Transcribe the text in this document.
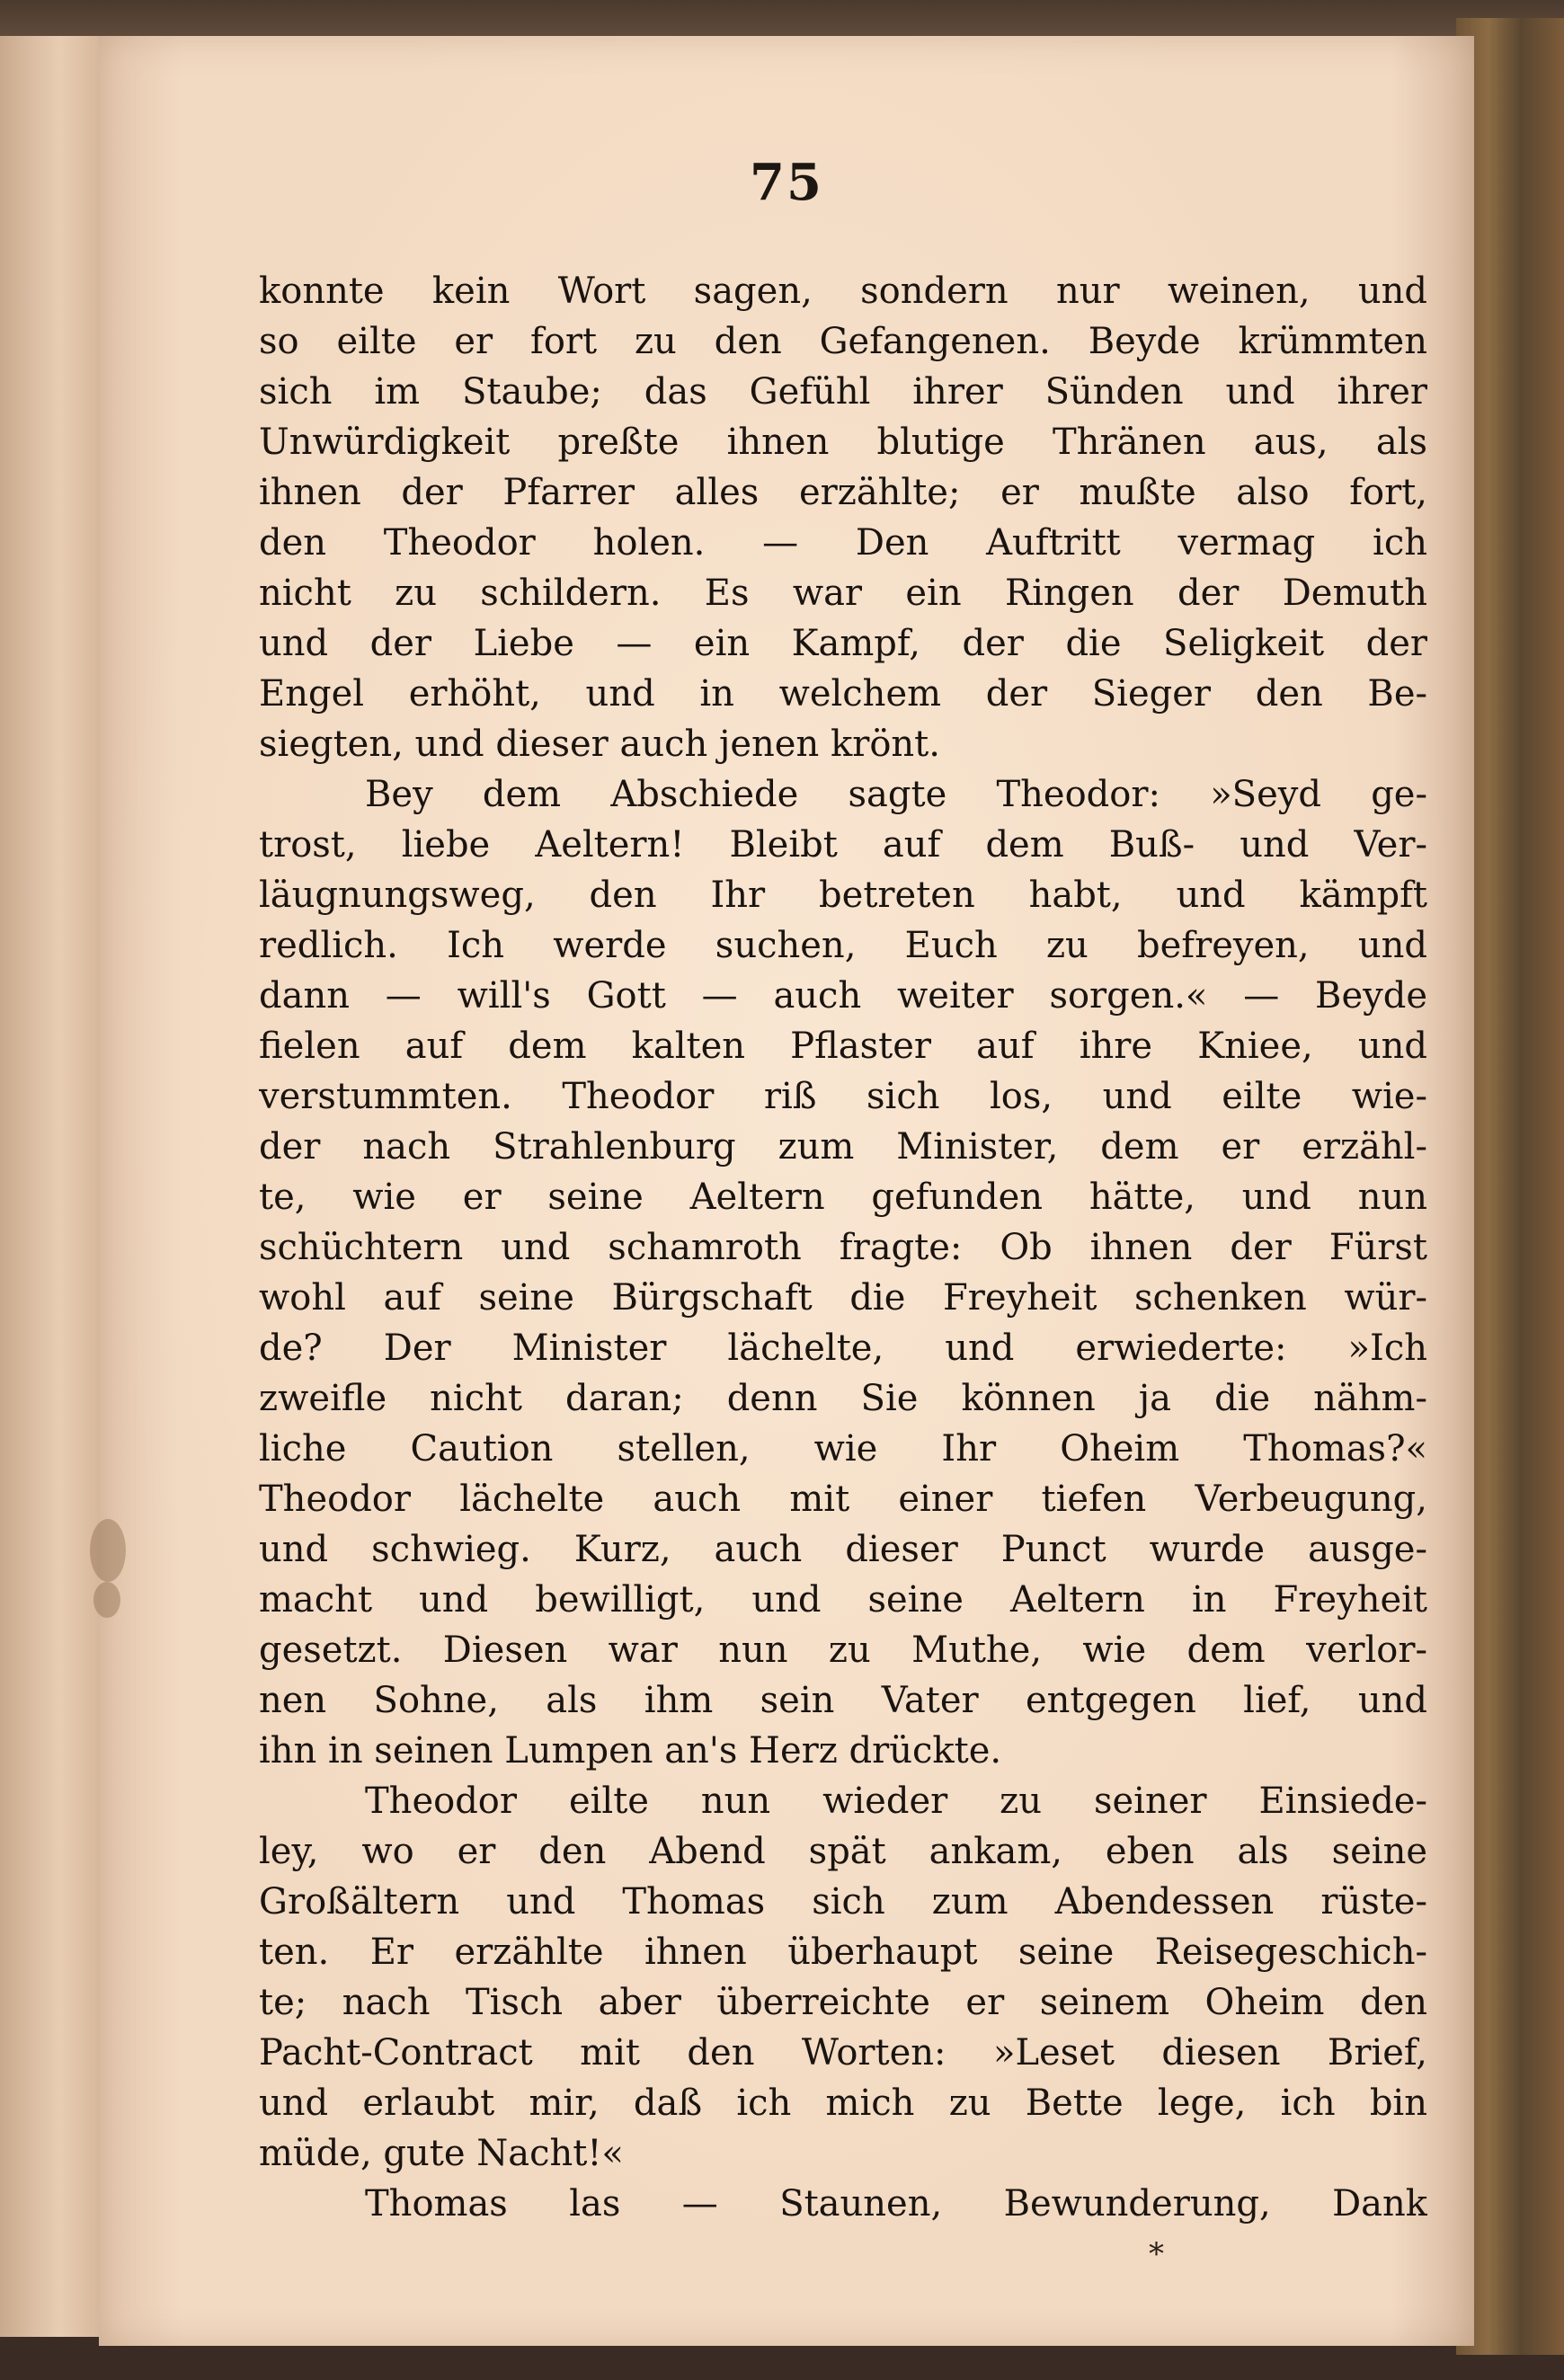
75
konnte kein Wort sagen, sondern nur weinen, und
so eilte er fort zu den Gefangenen. Beyde krümmten
sich im Staube; das Gefühl ihrer Sünden und ihrer
Unwürdigkeit preßte ihnen blutige Thränen aus, als
ihnen der Pfarrer alles erzählte; er mußte also fort,
den Theodor holen. — Den Auftritt vermag ich
nicht zu schildern. Es war ein Ringen der Demuth
und der Liebe — ein Kampf, der die Seligkeit der
Engel erhöht, und in welchem der Sieger den Be-
siegten, und dieser auch jenen krönt.
Bey dem Abschiede sagte Theodor: »Seyd ge-
trost, liebe Aeltern! Bleibt auf dem Buß- und Ver-
läugnungsweg, den Ihr betreten habt, und kämpft
redlich. Ich werde suchen, Euch zu befreyen, und
dann — will's Gott — auch weiter sorgen.« — Beyde
fielen auf dem kalten Pflaster auf ihre Kniee, und
verstummten. Theodor riß sich los, und eilte wie-
der nach Strahlenburg zum Minister, dem er erzähl-
te, wie er seine Aeltern gefunden hätte, und nun
schüchtern und schamroth fragte: Ob ihnen der Fürst
wohl auf seine Bürgschaft die Freyheit schenken wür-
de? Der Minister lächelte, und erwiederte: »Ich
zweifle nicht daran; denn Sie können ja die nähm-
liche Caution stellen, wie Ihr Oheim Thomas?«
Theodor lächelte auch mit einer tiefen Verbeugung,
und schwieg. Kurz, auch dieser Punct wurde ausge-
macht und bewilligt, und seine Aeltern in Freyheit
gesetzt. Diesen war nun zu Muthe, wie dem verlor-
nen Sohne, als ihm sein Vater entgegen lief, und
ihn in seinen Lumpen an's Herz drückte.
Theodor eilte nun wieder zu seiner Einsiede-
ley, wo er den Abend spät ankam, eben als seine
Großältern und Thomas sich zum Abendessen rüste-
ten. Er erzählte ihnen überhaupt seine Reisegeschich-
te; nach Tisch aber überreichte er seinem Oheim den
Pacht-Contract mit den Worten: »Leset diesen Brief,
und erlaubt mir, daß ich mich zu Bette lege, ich bin
müde, gute Nacht!«
Thomas las — Staunen, Bewunderung, Dank
*
